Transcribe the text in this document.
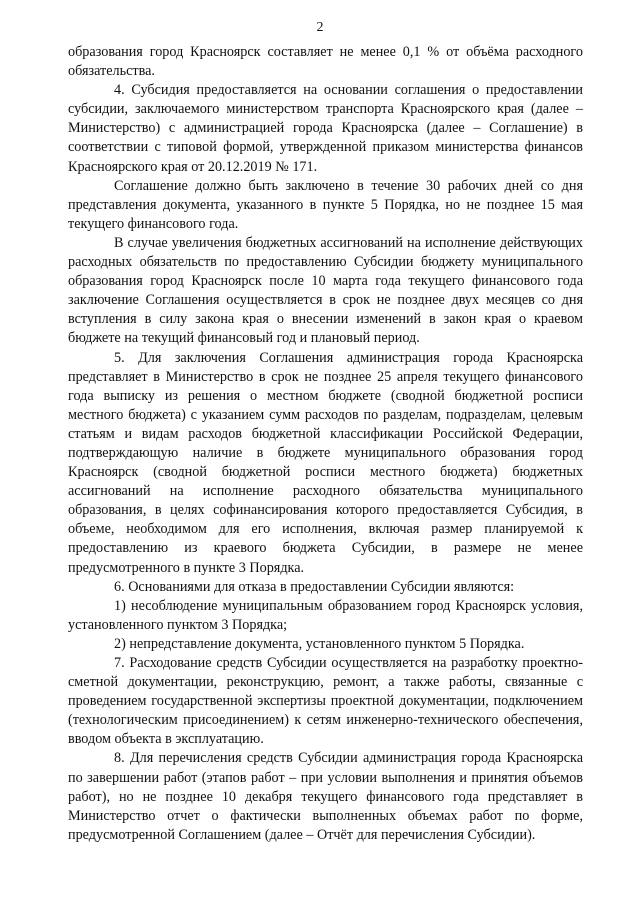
2

образования город Красноярск составляет не менее 0,1 % от объёма расходного обязательства.

4. Субсидия предоставляется на основании соглашения о предоставлении субсидии, заключаемого министерством транспорта Красноярского края (далее – Министерство) с администрацией города Красноярска (далее – Соглашение) в соответствии с типовой формой, утвержденной приказом министерства финансов Красноярского края от 20.12.2019 № 171.

Соглашение должно быть заключено в течение 30 рабочих дней со дня представления документа, указанного в пункте 5 Порядка, но не позднее 15 мая текущего финансового года.

В случае увеличения бюджетных ассигнований на исполнение действующих расходных обязательств по предоставлению Субсидии бюджету муниципального образования город Красноярск после 10 марта года текущего финансового года заключение Соглашения осуществляется в срок не позднее двух месяцев со дня вступления в силу закона края о внесении изменений в закон края о краевом бюджете на текущий финансовый год и плановый период.

5. Для заключения Соглашения администрация города Красноярска представляет в Министерство в срок не позднее 25 апреля текущего финансового года выписку из решения о местном бюджете (сводной бюджетной росписи местного бюджета) с указанием сумм расходов по разделам, подразделам, целевым статьям и видам расходов бюджетной классификации Российской Федерации, подтверждающую наличие в бюджете муниципального образования город Красноярск (сводной бюджетной росписи местного бюджета) бюджетных ассигнований на исполнение расходного обязательства муниципального образования, в целях софинансирования которого предоставляется Субсидия, в объеме, необходимом для его исполнения, включая размер планируемой к предоставлению из краевого бюджета Субсидии, в размере не менее предусмотренного в пункте 3 Порядка.

6. Основаниями для отказа в предоставлении Субсидии являются:

1) несоблюдение муниципальным образованием город Красноярск условия, установленного пунктом 3 Порядка;

2) непредставление документа, установленного пунктом 5 Порядка.

7. Расходование средств Субсидии осуществляется на разработку проектно-сметной документации, реконструкцию, ремонт, а также работы, связанные с проведением государственной экспертизы проектной документации, подключением (технологическим присоединением) к сетям инженерно-технического обеспечения, вводом объекта в эксплуатацию.

8. Для перечисления средств Субсидии администрация города Красноярска по завершении работ (этапов работ – при условии выполнения и принятия объемов работ), но не позднее 10 декабря текущего финансового года представляет в Министерство отчет о фактически выполненных объемах работ по форме, предусмотренной Соглашением (далее – Отчёт для перечисления Субсидии).
